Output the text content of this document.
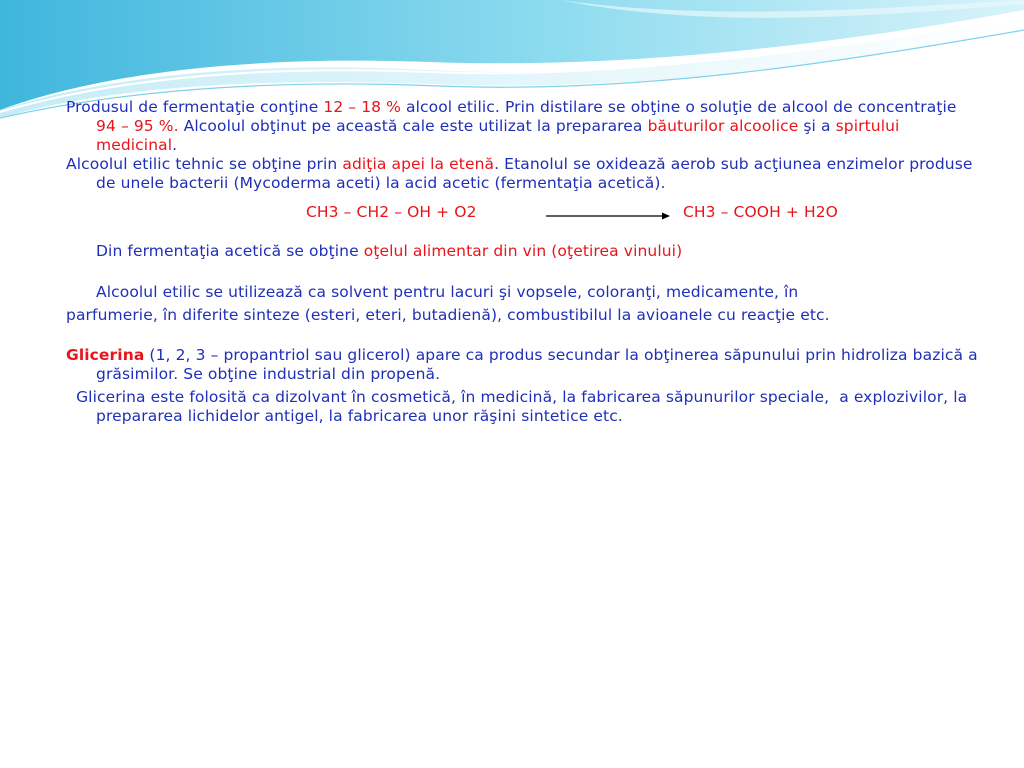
Produsul de fermentaţie conţine 12 – 18 % alcool etilic. Prin distilare se obţine o soluţie de alcool de concentraţie 94 – 95 %. Alcoolul obţinut pe această cale este utilizat la prepararea băuturilor alcoolice şi a spirtului medicinal.

Alcoolul etilic tehnic se obţine prin adiţia apei la etenă. Etanolul se oxidează aerob sub acţiunea enzimelor produse de unele bacterii (Mycoderma aceti) la acid acetic (fermentaţia acetică).

CH3 – CH2 – OH + O2	CH3 – COOH + H2O

Din fermentaţia acetică se obţine oţelul alimentar din vin (oţetirea vinului)

Alcoolul etilic se utilizează ca solvent pentru lacuri şi vopsele, coloranţi, medicamente, în

parfumerie, în diferite sinteze (esteri, eteri, butadienă), combustibilul la avioanele cu reacţie etc.

Glicerina (1, 2, 3 – propantriol sau glicerol) apare ca produs secundar la obţinerea săpunului prin hidroliza bazică a grăsimilor. Se obţine industrial din propenă.

Glicerina este folosită ca dizolvant în cosmetică, în medicină, la fabricarea săpunurilor speciale,  a explozivilor, la prepararea lichidelor antigel, la fabricarea unor răşini sintetice etc.
